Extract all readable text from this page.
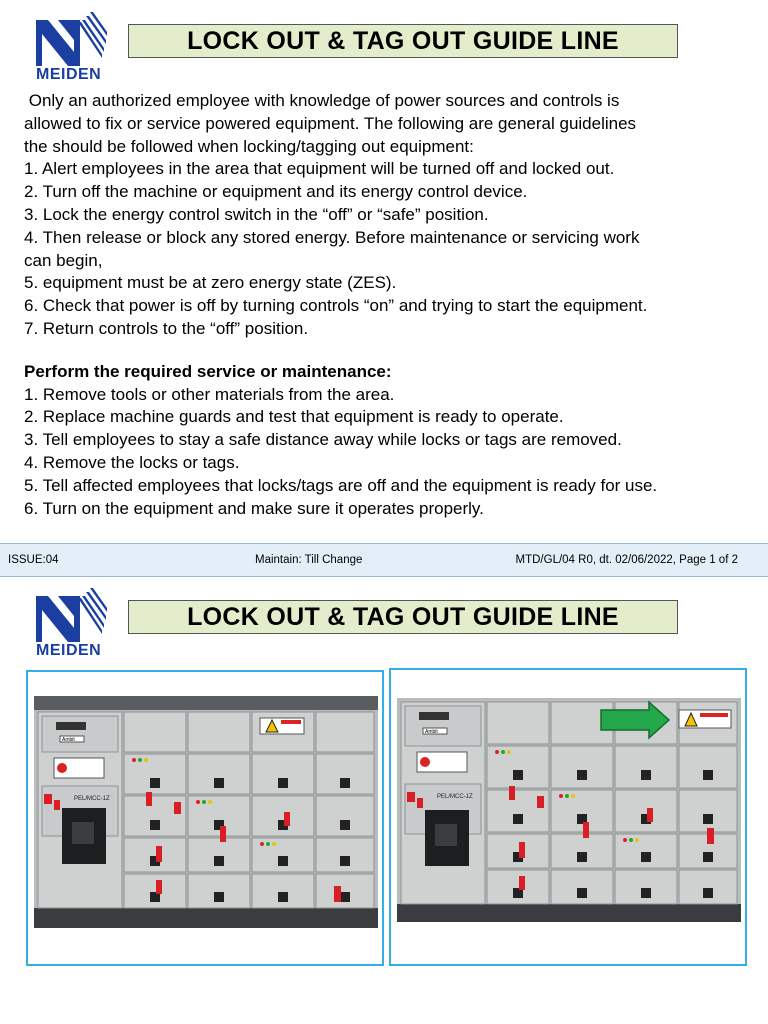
MEIDEN
LOCK OUT & TAG OUT GUIDE LINE

Only an authorized employee with knowledge of power sources and controls is

allowed to fix or service powered equipment. The following are general guidelines

the should be followed when locking/tagging out equipment:

1. Alert employees in the area that equipment will be turned off and locked out.

2. Turn off the machine or equipment and its energy control device.

3. Lock the energy control switch in the “off” or “safe” position.

4. Then release or block any stored energy. Before maintenance or servicing work

can begin,

5. equipment must be at zero energy state (ZES).

6. Check that power is off by turning controls “on” and trying to start the equipment.

7. Return controls to the “off” position.

Perform the required service or maintenance:

1. Remove tools or other materials from the area.

2. Replace machine guards and test that equipment is ready to operate.

3. Tell employees to stay a safe distance away while locks or tags are removed.

4. Remove the locks or tags.

5. Tell affected employees that locks/tags are off and the equipment is ready for use.

6. Turn on the equipment and make sure it operates properly.

ISSUE:04	Maintain: Till Change	MTD/GL/04 R0, dt. 02/06/2022, Page 1 of 2
MEIDEN
LOCK OUT & TAG OUT GUIDE LINE
Ambit
PEL/MCC-1Z
Ambit
PEL/MCC-1Z
